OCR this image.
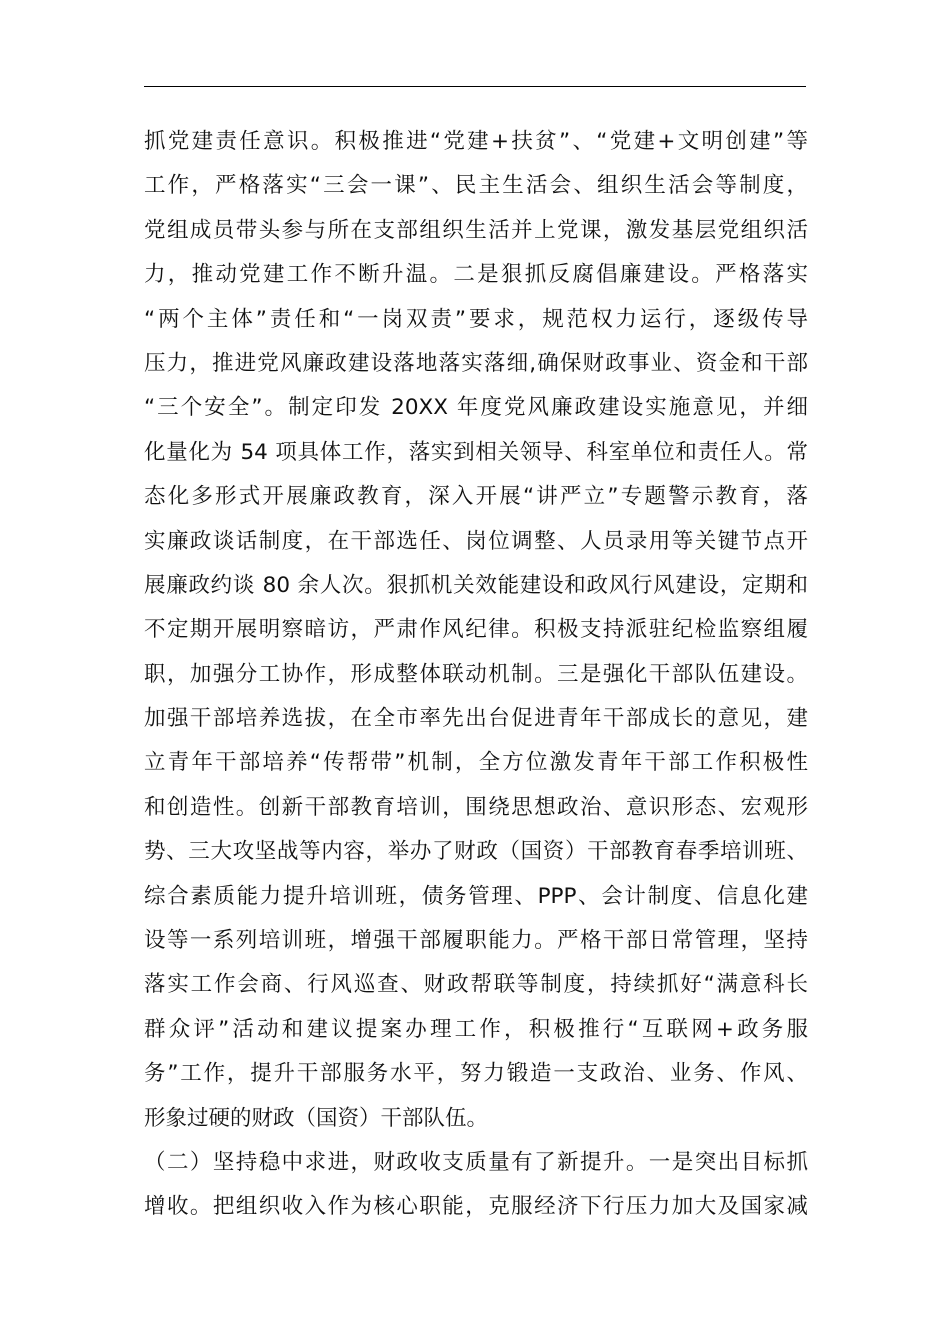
抓党建责任意识。积极推进“党建+扶贫”、“党建+文明创建”等
工作，严格落实“三会一课”、民主生活会、组织生活会等制度，
党组成员带头参与所在支部组织生活并上党课，激发基层党组织活
力，推动党建工作不断升温。二是狠抓反腐倡廉建设。严格落实
“两个主体”责任和“一岗双责”要求，规范权力运行，逐级传导
压力，推进党风廉政建设落地落实落细,确保财政事业、资金和干部
“三个安全”。制定印发 20XX 年度党风廉政建设实施意见，并细
化量化为 54 项具体工作，落实到相关领导、科室单位和责任人。常
态化多形式开展廉政教育，深入开展“讲严立”专题警示教育，落
实廉政谈话制度，在干部选任、岗位调整、人员录用等关键节点开
展廉政约谈 80 余人次。狠抓机关效能建设和政风行风建设，定期和
不定期开展明察暗访，严肃作风纪律。积极支持派驻纪检监察组履
职，加强分工协作，形成整体联动机制。三是强化干部队伍建设。
加强干部培养选拔，在全市率先出台促进青年干部成长的意见，建
立青年干部培养“传帮带”机制，全方位激发青年干部工作积极性
和创造性。创新干部教育培训，围绕思想政治、意识形态、宏观形
势、三大攻坚战等内容，举办了财政（国资）干部教育春季培训班、
综合素质能力提升培训班，债务管理、PPP、会计制度、信息化建
设等一系列培训班，增强干部履职能力。严格干部日常管理，坚持
落实工作会商、行风巡查、财政帮联等制度，持续抓好“满意科长
群众评”活动和建议提案办理工作，积极推行“互联网+政务服
务”工作，提升干部服务水平，努力锻造一支政治、业务、作风、
形象过硬的财政（国资）干部队伍。
（二）坚持稳中求进，财政收支质量有了新提升。一是突出目标抓
增收。把组织收入作为核心职能，克服经济下行压力加大及国家减
